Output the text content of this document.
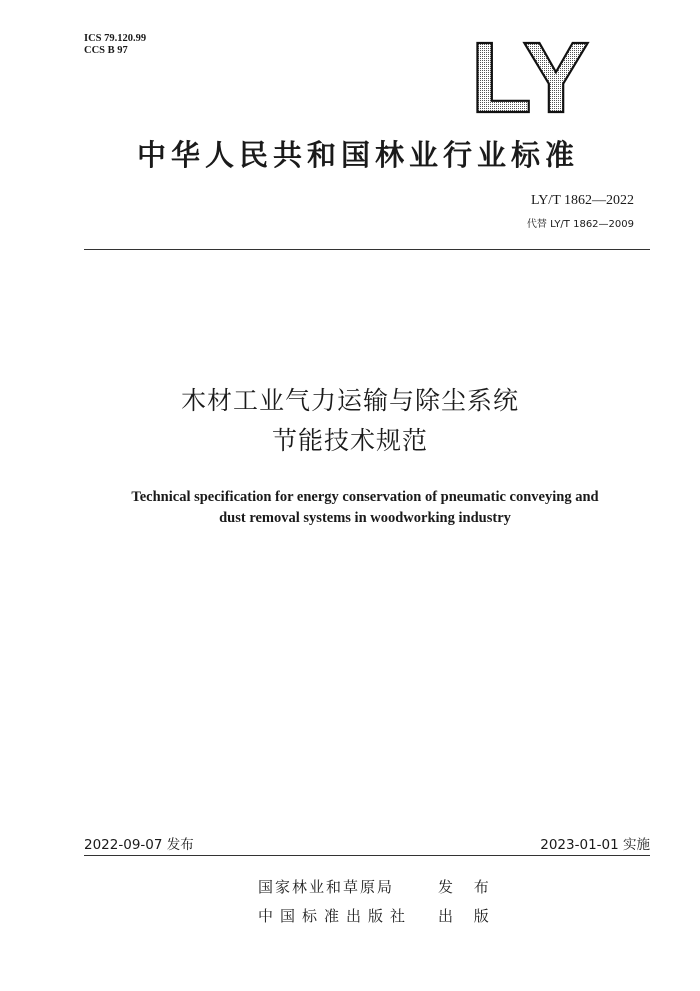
ICS 79.120.99
CCS B 97	LY
中华人民共和国林业行业标准
LY/T 1862—2022
代替 LY/T 1862—2009
木材工业气力运输与除尘系统
节能技术规范
Technical specification for energy conservation of pneumatic conveying and
dust removal systems in woodworking industry
2022-09-07 发布	2023-01-01 实施
国家林业和草原局	发 布
中国标准出版社 出 版
